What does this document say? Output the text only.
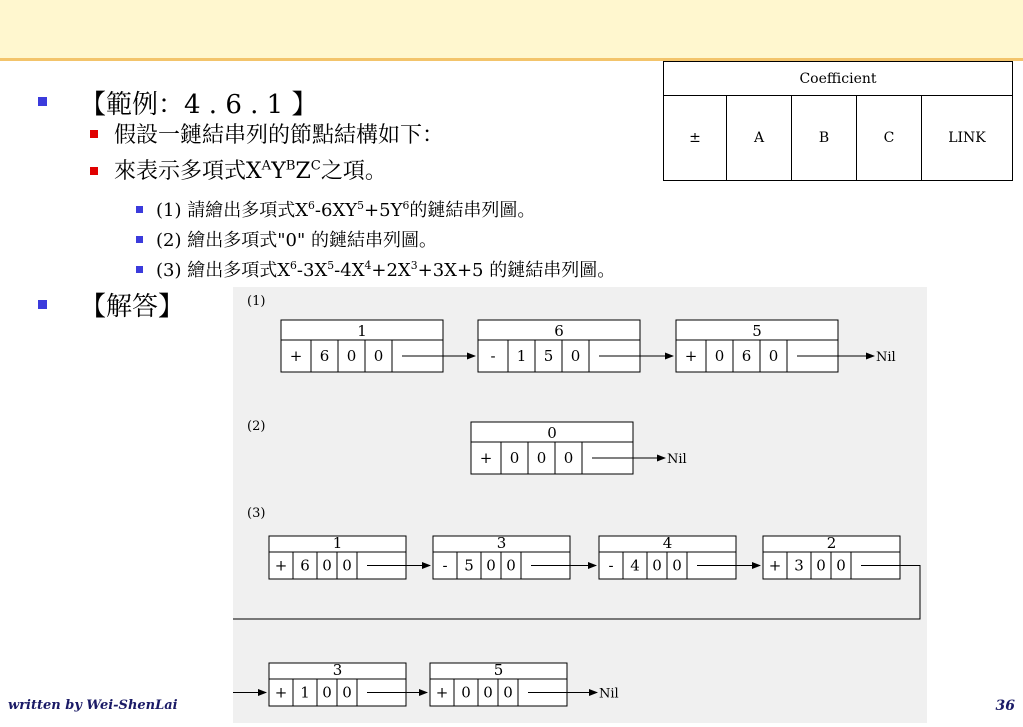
【範例：4 . 6 . 1 】
假設一鏈結串列的節點結構如下：
來表示多項式$X^AY^BZ^C$之項。
(1) 請繪出多項式$X^6-6XY^5+5Y^6$的鏈結串列圖。
(2) 繪出多項式"0" 的鏈結串列圖。
(3) 繪出多項式$X^6-3X^5-4X^4+2X^3+3X+5$ 的鏈結串列圖。
【解答】
Coefficient
±	A	B	C	LINK
(1)
(2)
(3)
1
+ 6 0 0
6
- 1 5 0
5
+ 0 6 0	Nil
0
+ 0 0 0	Nil
1
+ 6 0 0
3
- 5 0 0
4
- 4 0 0
2
+ 3 0 0
3
+ 1 0 0
5
+ 0 0 0	Nil
written by Wei-ShenLai	36
